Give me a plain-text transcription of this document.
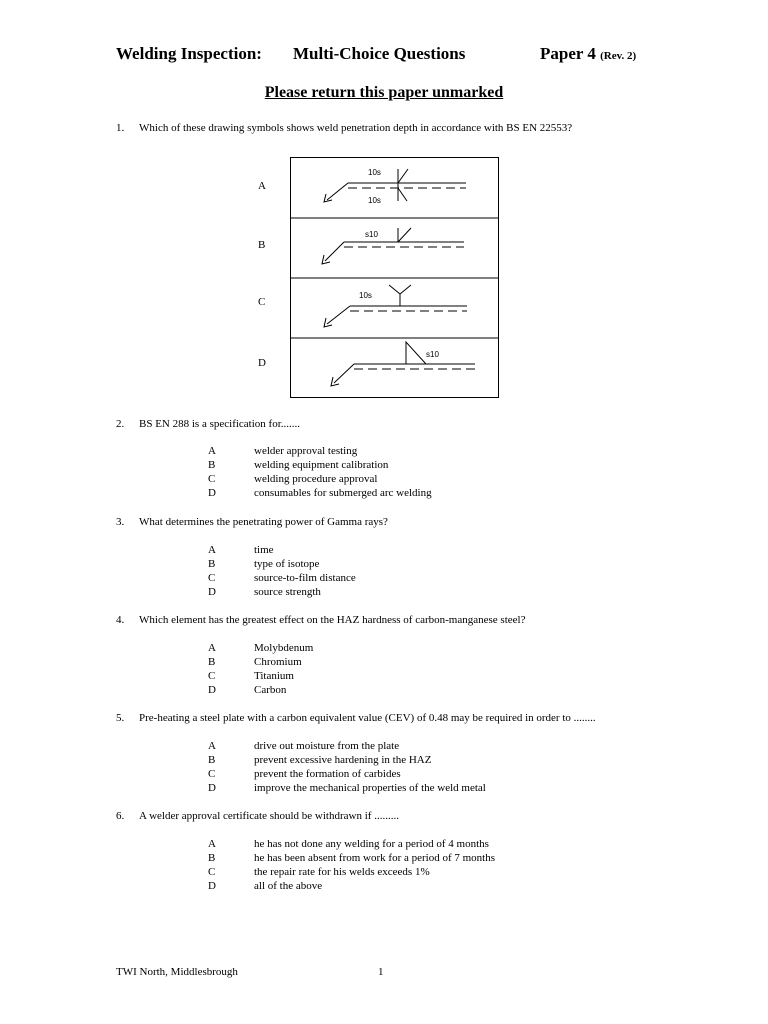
Welding Inspection: Multi-Choice Questions	Paper 4 (Rev. 2)
Please return this paper unmarked
1. Which of these drawing symbols shows weld penetration depth in accordance with BS EN 22553?
A
B
C
D
10s
10s
s10
10s
s10
2. BS EN 288 is a specification for.......
A	welder approval testing
B	welding equipment calibration
C	welding procedure approval
D	consumables for submerged arc welding
3. What determines the penetrating power of Gamma rays?
A	time
B	type of isotope
C	source-to-film distance
D	source strength
4. Which element has the greatest effect on the HAZ hardness of carbon-manganese steel?
A	Molybdenum
B	Chromium
C	Titanium
D	Carbon
5. Pre-heating a steel plate with a carbon equivalent value (CEV) of 0.48 may be required in order to ........
A	drive out moisture from the plate
B	prevent excessive hardening in the HAZ
C	prevent the formation of carbides
D	improve the mechanical properties of the weld metal
6. A welder approval certificate should be withdrawn if .........
A	he has not done any welding for a period of 4 months
B	he has been absent from work for a period of 7 months
C	the repair rate for his welds exceeds 1%
D	all of the above
TWI North, Middlesbrough	1
